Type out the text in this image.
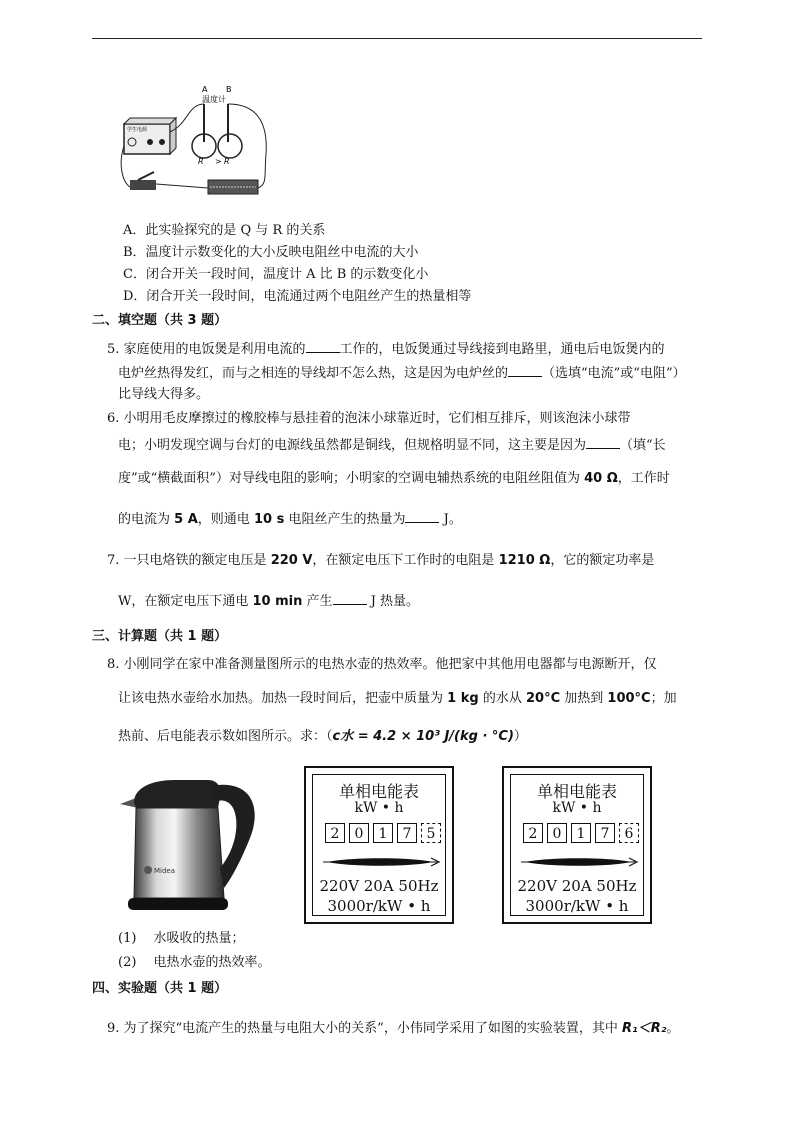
学生电源
A B
温度计
R > R
A．此实验探究的是 Q 与 R 的关系
B．温度计示数变化的大小反映电阻丝中电流的大小
C．闭合开关一段时间，温度计 A 比 B 的示数变化小
D．闭合开关一段时间，电流通过两个电阻丝产生的热量相等
二、填空题（共 3 题）
5. 家庭使用的电饭煲是利用电流的	工作的，电饭煲通过导线接到电路里，通电后电饭煲内的
电炉丝热得发红，而与之相连的导线却不怎么热，这是因为电炉丝的	（选填“电流”或“电阻”）
比导线大得多。
6. 小明用毛皮摩擦过的橡胶棒与悬挂着的泡沫小球靠近时，它们相互排斥，则该泡沫小球带
电；小明发现空调与台灯的电源线虽然都是铜线，但规格明显不同，这主要是因为	（填“长
度”或“横截面积”）对导线电阻的影响；小明家的空调电辅热系统的电阻丝阻值为 40 Ω，工作时
的电流为 5 A，则通电 10 s 电阻丝产生的热量为	J。
7. 一只电烙铁的额定电压是 220 V，在额定电压下工作时的电阻是 1210 Ω，它的额定功率是
W，在额定电压下通电 10 min 产生	J 热量。
三、计算题（共 1 题）
8. 小刚同学在家中准备测量图所示的电热水壶的热效率。他把家中其他用电器都与电源断开，仅
让该电热水壶给水加热。加热一段时间后，把壶中质量为 1 kg 的水从 20°C 加热到 100°C；加
热前、后电能表示数如图所示。求：（c水 = 4.2 × 10³ J/(kg · °C)）
Midea
单相电能表
kW • h
2	0	1	7	5
220V 20A 50Hz
3000r/kW • h
单相电能表
kW • h
2	0	1	7	6
220V 20A 50Hz
3000r/kW • h
(1)　 水吸收的热量；
(2)　 电热水壶的热效率。
四、实验题（共 1 题）
9. 为了探究“电流产生的热量与电阻大小的关系”，小伟同学采用了如图的实验装置，其中 R₁＜R₂。
